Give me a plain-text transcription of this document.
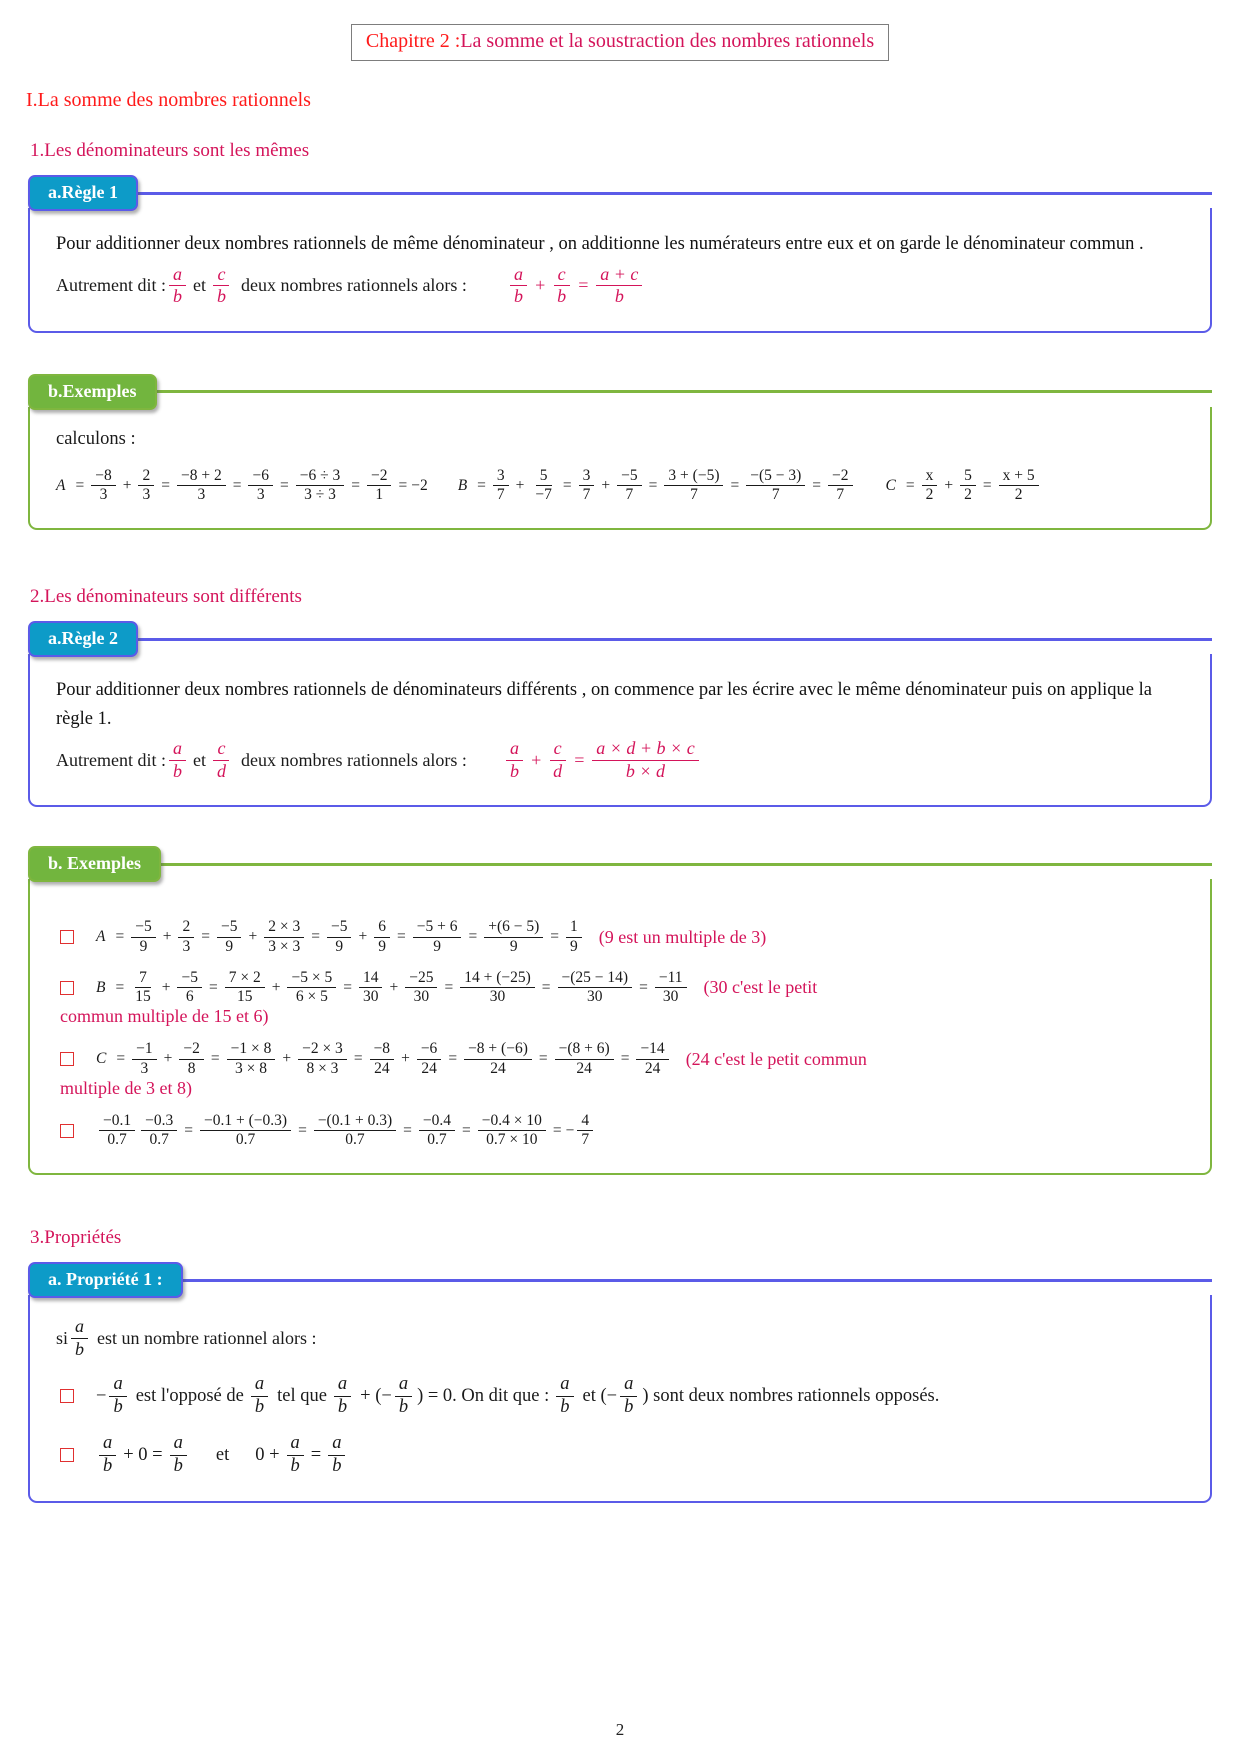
Chapitre 2 :La somme et la soustraction des nombres rationnels
I.La somme des nombres rationnels
1.Les dénominateurs sont les mêmes
a.Règle 1
Pour additionner deux nombres rationnels de même dénominateur , on additionne les numérateurs entre eux et on garde le dénominateur commun .
Autrement dit : $\frac{a}{b}$ et $\frac{c}{b}$ deux nombres rationnels alors : $\frac{a}{b} + \frac{c}{b} = \frac{a + c}{b}$
b.Exemples
calculons :
$A = \frac{-8}{3} + \frac{2}{3} = \frac{-8 + 2}{3} = \frac{-6}{3} = \frac{-6 \div 3}{3 \div 3} = \frac{-2}{1} = -2$ $B = \frac{3}{7} + \frac{5}{-7} = \frac{3}{7} + \frac{-5}{7} = \frac{3 + (-5)}{7} = \frac{-(5 - 3)}{7} = \frac{-2}{7}$ $C = \frac{x}{2} + \frac{5}{2} = \frac{x + 5}{2}$
2.Les dénominateurs sont différents
a.Règle 2
Pour additionner deux nombres rationnels de dénominateurs différents , on commence par les écrire avec le même dénominateur puis on applique la règle 1.
Autrement dit : $\frac{a}{b}$ et $\frac{c}{d}$ deux nombres rationnels alors : $\frac{a}{b} + \frac{c}{d} = \frac{a \times d + b \times c}{b \times d}$
b. Exemples
$A = \frac{-5}{9} + \frac{2}{3} = \frac{-5}{9} + \frac{2 \times 3}{3 \times 3} = \frac{-5}{9} + \frac{6}{9} = \frac{-5 + 6}{9} = \frac{+(6 - 5)}{9} = \frac{1}{9} (9$ est un multiple de 3)
$B = \frac{7}{15} + \frac{-5}{6} = \frac{7 \times 2}{15} + \frac{-5 \times 5}{6 \times 5} = \frac{14}{30} + \frac{-25}{30} = \frac{14 + (-25)}{30} = \frac{-(25 - 14)}{30} = \frac{-11}{30} (30$ c'est le petit
commun multiple de 15 et 6)
$C = \frac{-1}{3} + \frac{-2}{8} = \frac{-1 \times 8}{3 \times 8} + \frac{-2 \times 3}{8 \times 3} = \frac{-8}{24} + \frac{-6}{24} = \frac{-8 + (-6)}{24} = \frac{-(8 + 6)}{24} = \frac{-14}{24} (24$ c'est le petit commun
multiple de 3 et 8)
$\frac{-0.1}{0.7} \frac{-0.3}{0.7} = \frac{-0.1 + (-0.3)}{0.7} = \frac{-(0.1 + 0.3)}{0.7} = \frac{-0.4}{0.7} = \frac{-0.4 \times 10}{0.7 \times 10}$ = − $\frac{4}{7}$
3.Propriétés
a. Propriété 1 :
si $\frac{a}{b}$ est un nombre rationnel alors :
− $\frac{a}{b}$ est l'opposé de $\frac{a}{b}$ tel que $\frac{a}{b}$ + (− $\frac{a}{b}$ ) = 0. On dit que : $\frac{a}{b}$ et (− $\frac{a}{b}$ ) sont deux nombres rationnels opposés.
$\frac{a}{b} + 0 = \frac{a}{b}$ et $0 + \frac{a}{b} = \frac{a}{b}$
2
